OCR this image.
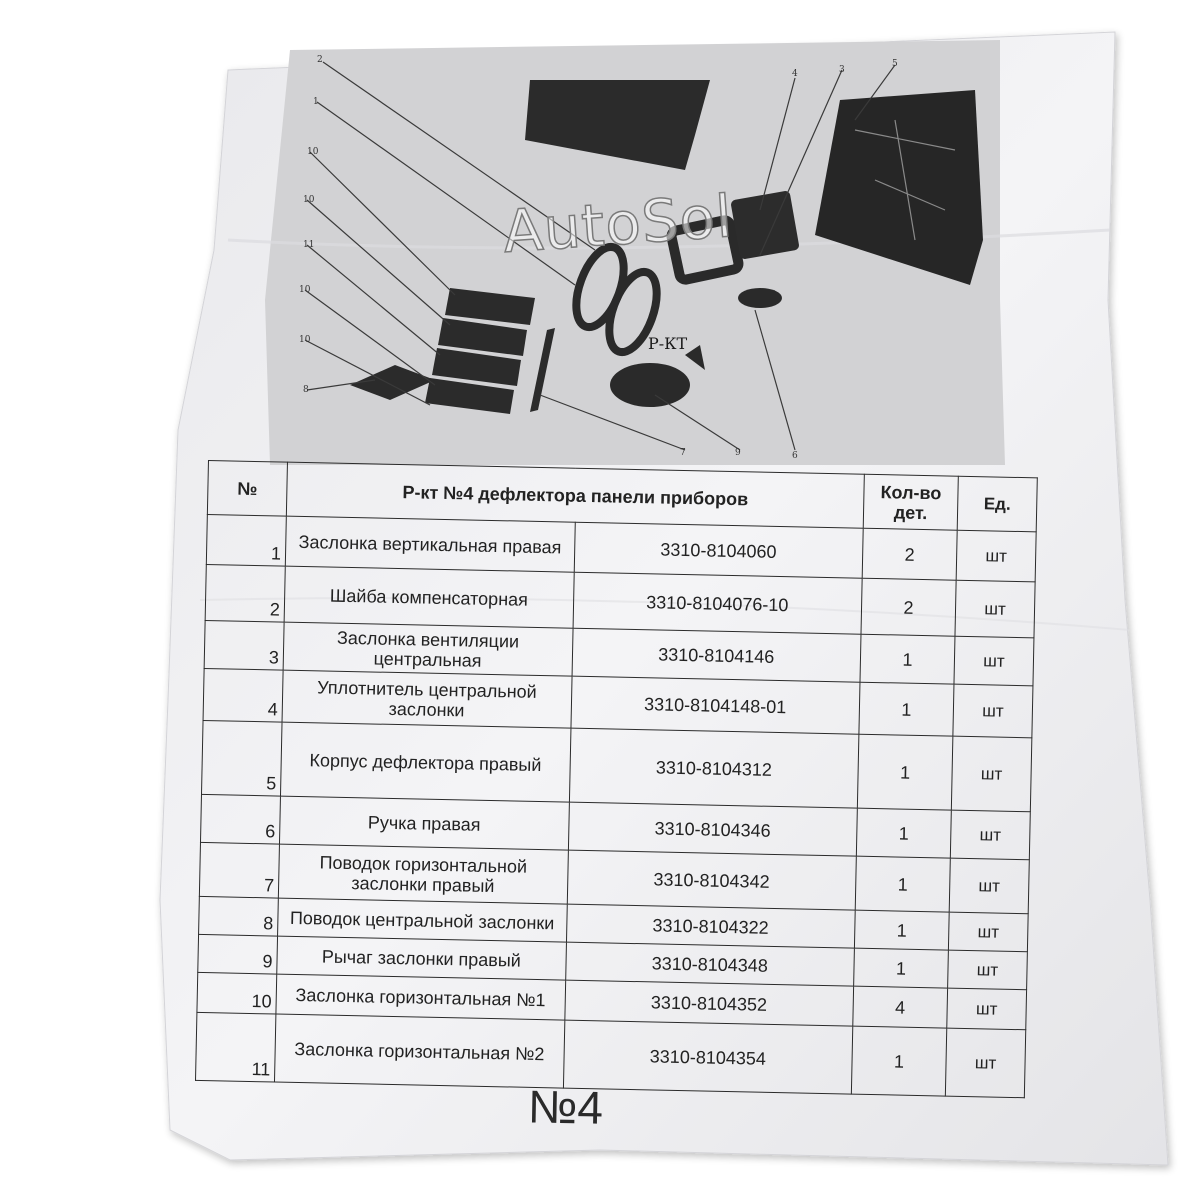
2
1
10
10
11
10
10
8
7	9	6
4	3
5
AutoSol
Р-КТ
№	Р-кт №4 дефлектора панели приборов		Кол-во дет.	Ед.
1	Заслонка вертикальная правая	3310-8104060	2	шт
2	Шайба компенсаторная	3310-8104076-10	2	шт
3	Заслонка вентиляции центральная	3310-8104146	1	шт
4	Уплотнитель центральной заслонки	3310-8104148-01	1	шт
5	Корпус дефлектора правый	3310-8104312	1	шт
6	Ручка правая	3310-8104346	1	шт
7	Поводок горизонтальной заслонки правый	3310-8104342	1	шт
8	Поводок центральной заслонки	3310-8104322	1	шт
9	Рычаг заслонки правый	3310-8104348	1	шт
10	Заслонка горизонтальная №1	3310-8104352	4	шт
11	Заслонка горизонтальная №2	3310-8104354	1	шт
№4
